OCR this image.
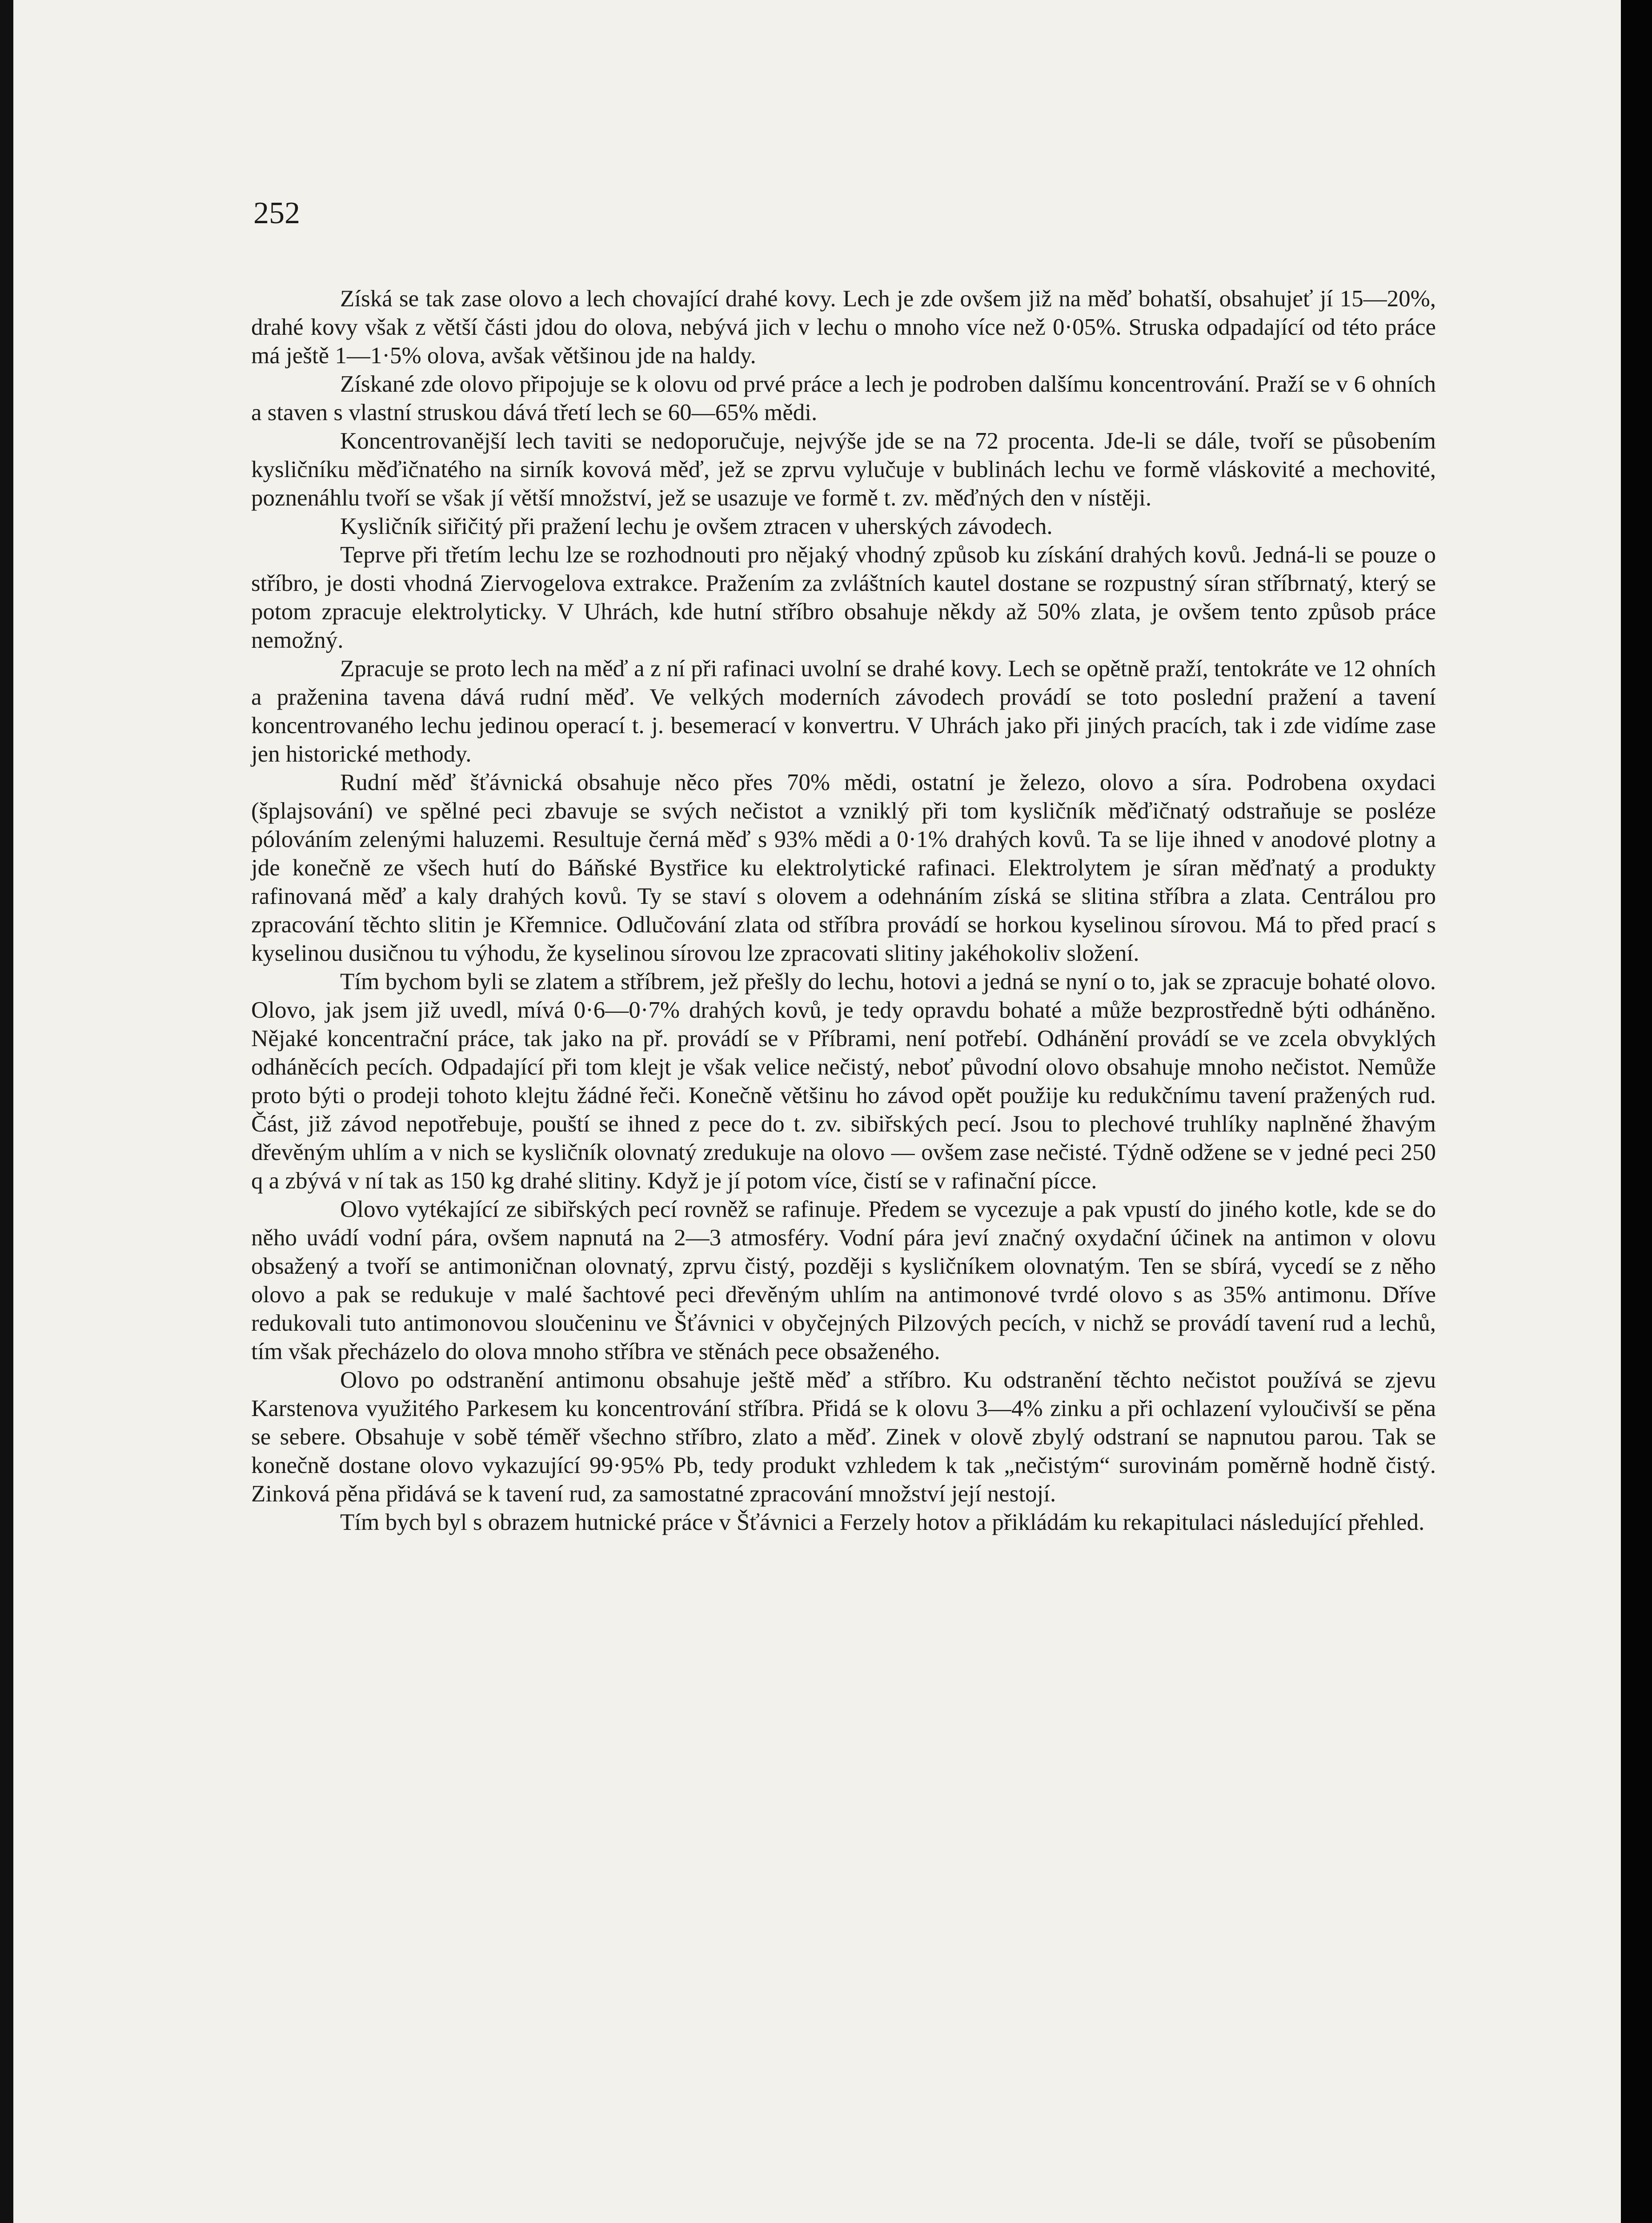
252

Získá se tak zase olovo a lech chovající drahé kovy. Lech je zde ovšem již na měď bohatší, obsahujeť jí 15—20%, drahé kovy však z větší části jdou do olova, nebývá jich v lechu o mnoho více než 0·05%. Struska odpadající od této práce má ještě 1—1·5% olova, avšak většinou jde na haldy.

Získané zde olovo připojuje se k olovu od prvé práce a lech je podroben dalšímu koncentrování. Praží se v 6 ohních a staven s vlastní struskou dává třetí lech se 60—65% mědi.

Koncentrovanější lech taviti se nedoporučuje, nejvýše jde se na 72 procenta. Jde-li se dále, tvoří se působením kysličníku měďičnatého na sirník kovová měď, jež se zprvu vylučuje v bublinách lechu ve formě vláskovité a mechovité, poznenáhlu tvoří se však jí větší množství, jež se usazuje ve formě t. zv. měďných den v nístěji.

Kysličník siřičitý při pražení lechu je ovšem ztracen v uherských závodech.

Teprve při třetím lechu lze se rozhodnouti pro nějaký vhodný způsob ku získání drahých kovů. Jedná-li se pouze o stříbro, je dosti vhodná Ziervogelova extrakce. Pražením za zvláštních kautel dostane se rozpustný síran stříbrnatý, který se potom zpracuje elektrolyticky. V Uhrách, kde hutní stříbro obsahuje někdy až 50% zlata, je ovšem tento způsob práce nemožný.

Zpracuje se proto lech na měď a z ní při rafinaci uvolní se drahé kovy. Lech se opětně praží, tentokráte ve 12 ohních a praženina tavena dává rudní měď. Ve velkých moderních závodech provádí se toto poslední pražení a tavení koncentrovaného lechu jedinou operací t. j. besemerací v konvertru. V Uhrách jako při jiných pracích, tak i zde vidíme zase jen historické methody.

Rudní měď šťávnická obsahuje něco přes 70% mědi, ostatní je železo, olovo a síra. Podrobena oxydaci (šplajsování) ve spělné peci zbavuje se svých nečistot a vzniklý při tom kysličník měďičnatý odstraňuje se posléze pólováním zelenými haluzemi. Resultuje černá měď s 93% mědi a 0·1% drahých kovů. Ta se lije ihned v anodové plotny a jde konečně ze všech hutí do Báňské Bystřice ku elektrolytické rafinaci. Elektrolytem je síran měďnatý a produkty rafinovaná měď a kaly drahých kovů. Ty se staví s olovem a odehnáním získá se slitina stříbra a zlata. Centrálou pro zpracování těchto slitin je Křemnice. Odlučování zlata od stříbra provádí se horkou kyselinou sírovou. Má to před prací s kyselinou dusičnou tu výhodu, že kyselinou sírovou lze zpracovati slitiny jakéhokoliv složení.

Tím bychom byli se zlatem a stříbrem, jež přešly do lechu, hotovi a jedná se nyní o to, jak se zpracuje bohaté olovo. Olovo, jak jsem již uvedl, mívá 0·6—0·7% drahých kovů, je tedy opravdu bohaté a může bezprostředně býti odháněno. Nějaké koncentrační práce, tak jako na př. provádí se v Příbrami, není potřebí. Odhánění provádí se ve zcela obvyklých odháněcích pecích. Odpadající při tom klejt je však velice nečistý, neboť původní olovo obsahuje mnoho nečistot. Nemůže proto býti o prodeji tohoto klejtu žádné řeči. Konečně většinu ho závod opět použije ku redukčnímu tavení pražených rud. Část, již závod nepotřebuje, pouští se ihned z pece do t. zv. sibiřských pecí. Jsou to plechové truhlíky naplněné žhavým dřevěným uhlím a v nich se kysličník olovnatý zredukuje na olovo — ovšem zase nečisté. Týdně odžene se v jedné peci 250 q a zbývá v ní tak as 150 kg drahé slitiny. Když je jí potom více, čistí se v rafinační pícce.

Olovo vytékající ze sibiřských pecí rovněž se rafinuje. Předem se vycezuje a pak vpustí do jiného kotle, kde se do něho uvádí vodní pára, ovšem napnutá na 2—3 atmosféry. Vodní pára jeví značný oxydační účinek na antimon v olovu obsažený a tvoří se antimoničnan olovnatý, zprvu čistý, později s kysličníkem olovnatým. Ten se sbírá, vycedí se z něho olovo a pak se redukuje v malé šachtové peci dřevěným uhlím na antimonové tvrdé olovo s as 35% antimonu. Dříve redukovali tuto antimonovou sloučeninu ve Šťávnici v obyčejných Pilzových pecích, v nichž se provádí tavení rud a lechů, tím však přecházelo do olova mnoho stříbra ve stěnách pece obsaženého.

Olovo po odstranění antimonu obsahuje ještě měď a stříbro. Ku odstranění těchto nečistot používá se zjevu Karstenova využitého Parkesem ku koncentrování stříbra. Přidá se k olovu 3—4% zinku a při ochlazení vyloučivší se pěna se sebere. Obsahuje v sobě téměř všechno stříbro, zlato a měď. Zinek v olově zbylý odstraní se napnutou parou. Tak se konečně dostane olovo vykazující 99·95% Pb, tedy produkt vzhledem k tak „nečistým“ surovinám poměrně hodně čistý. Zinková pěna přidává se k tavení rud, za samostatné zpracování množství její nestojí.

Tím bych byl s obrazem hutnické práce v Šťávnici a Ferzely hotov a přikládám ku rekapitulaci následující přehled.
